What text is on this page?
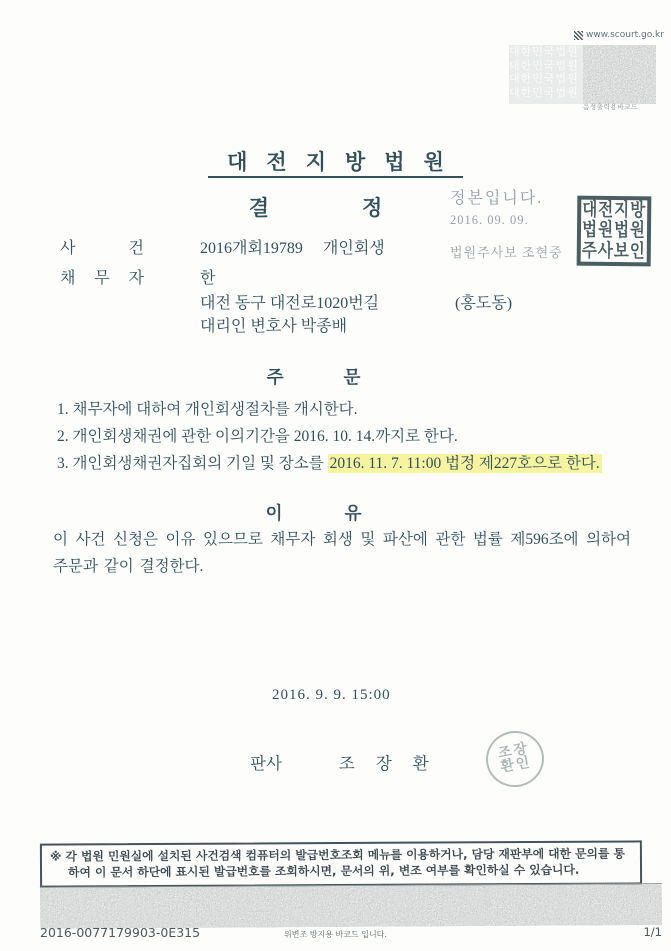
www.scourt.go.kr
대한민국법원
대한민국법원
대한민국법원
대한민국법원
음성출력용바코드
대전지방법원
결	정	정본입니다.
2016. 09. 09.
법원주사보 조현중
대전지방
법원법원
주사보인
사	건	2016개회19789 개인회생
채 무 자	한
대전 동구 대전로1020번길	(홍도동)
대리인 변호사 박종배
주	문
1. 채무자에 대하여 개인회생절차를 개시한다.
2. 개인회생채권에 관한 이의기간을 2016. 10. 14.까지로 한다.
3. 개인회생채권자집회의 기일 및 장소를 2016. 11. 7. 11:00 법정 제227호으로 한다.
이	유
이 사건 신청은 이유 있으므로 채무자 회생 및 파산에 관한 법률 제596조에 의하여 주문과 같이 결정한다.
2016. 9. 9. 15:00
판사	조 장 환
조장
환인
※ 각 법원 민원실에 설치된 사건검색 컴퓨터의 발급번호조회 메뉴를 이용하거나, 담당 재판부에 대한 문의를 통하여 이 문서 하단에 표시된 발급번호를 조회하시면, 문서의 위, 변조 여부를 확인하실 수 있습니다.
2016-0077179903-0E315	위변조 방지용 바코드 입니다.	1/1
